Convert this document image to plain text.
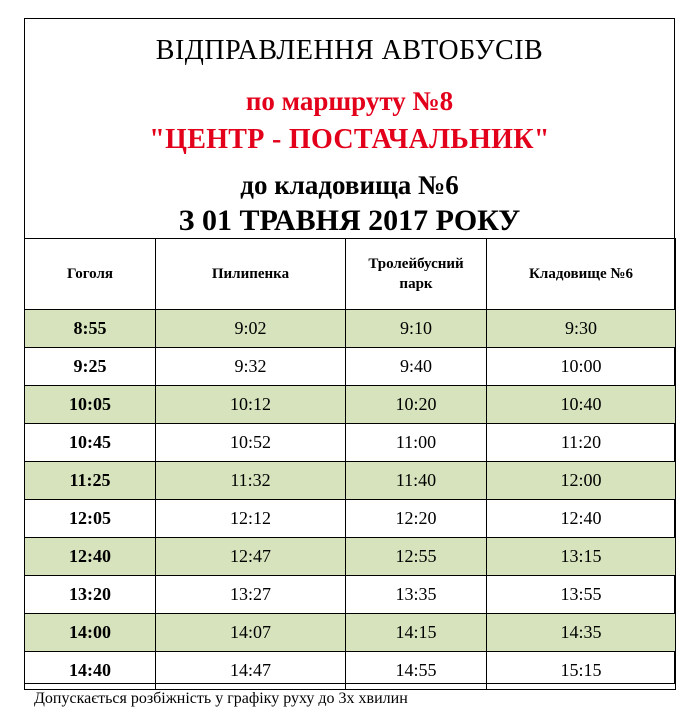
ВІДПРАВЛЕННЯ АВТОБУСІВ
по маршруту №8
"ЦЕНТР - ПОСТАЧАЛЬНИК"
до кладовища №6
З 01 ТРАВНЯ 2017 РОКУ
Гоголя	Пилипенка	Тролейбусний парк	Кладовище №6
8:55	9:02	9:10	9:30
9:25	9:32	9:40	10:00
10:05	10:12	10:20	10:40
10:45	10:52	11:00	11:20
11:25	11:32	11:40	12:00
12:05	12:12	12:20	12:40
12:40	12:47	12:55	13:15
13:20	13:27	13:35	13:55
14:00	14:07	14:15	14:35
14:40	14:47	14:55	15:15
Допускається розбіжність у графіку руху до 3х хвилин
